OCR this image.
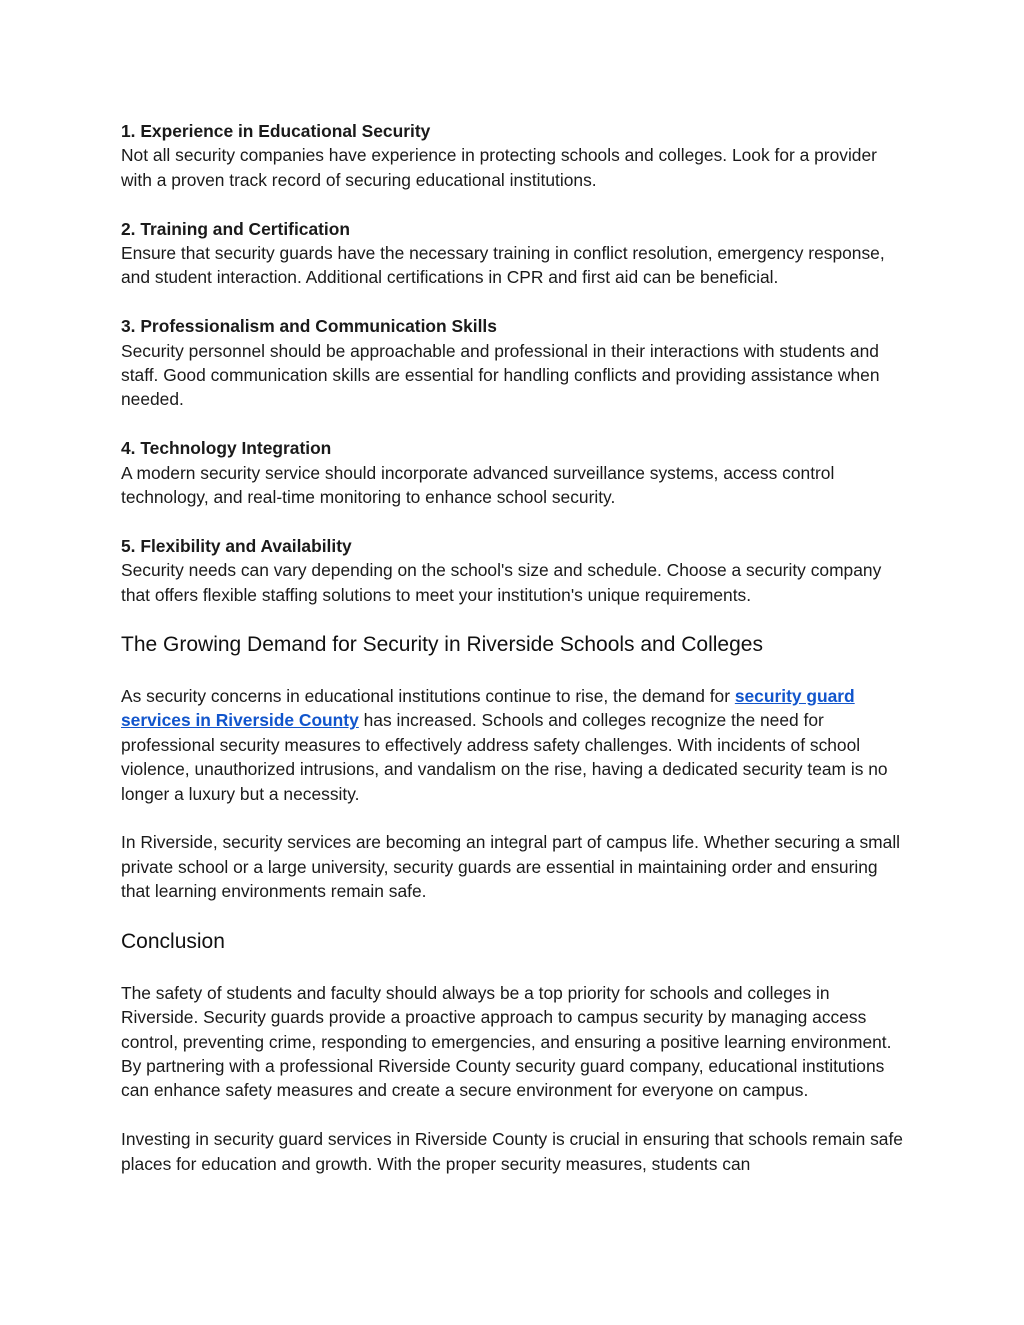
1. Experience in Educational Security
Not all security companies have experience in protecting schools and colleges. Look for a provider with a proven track record of securing educational institutions.
2. Training and Certification
Ensure that security guards have the necessary training in conflict resolution, emergency response, and student interaction. Additional certifications in CPR and first aid can be beneficial.
3. Professionalism and Communication Skills
Security personnel should be approachable and professional in their interactions with students and staff. Good communication skills are essential for handling conflicts and providing assistance when needed.
4. Technology Integration
A modern security service should incorporate advanced surveillance systems, access control technology, and real-time monitoring to enhance school security.
5. Flexibility and Availability
Security needs can vary depending on the school's size and schedule. Choose a security company that offers flexible staffing solutions to meet your institution's unique requirements.
The Growing Demand for Security in Riverside Schools and Colleges

As security concerns in educational institutions continue to rise, the demand for security guard services in Riverside County has increased. Schools and colleges recognize the need for professional security measures to effectively address safety challenges. With incidents of school violence, unauthorized intrusions, and vandalism on the rise, having a dedicated security team is no longer a luxury but a necessity.

In Riverside, security services are becoming an integral part of campus life. Whether securing a small private school or a large university, security guards are essential in maintaining order and ensuring that learning environments remain safe.

Conclusion

The safety of students and faculty should always be a top priority for schools and colleges in Riverside. Security guards provide a proactive approach to campus security by managing access control, preventing crime, responding to emergencies, and ensuring a positive learning environment. By partnering with a professional Riverside County security guard company, educational institutions can enhance safety measures and create a secure environment for everyone on campus.

Investing in security guard services in Riverside County is crucial in ensuring that schools remain safe places for education and growth. With the proper security measures, students can
